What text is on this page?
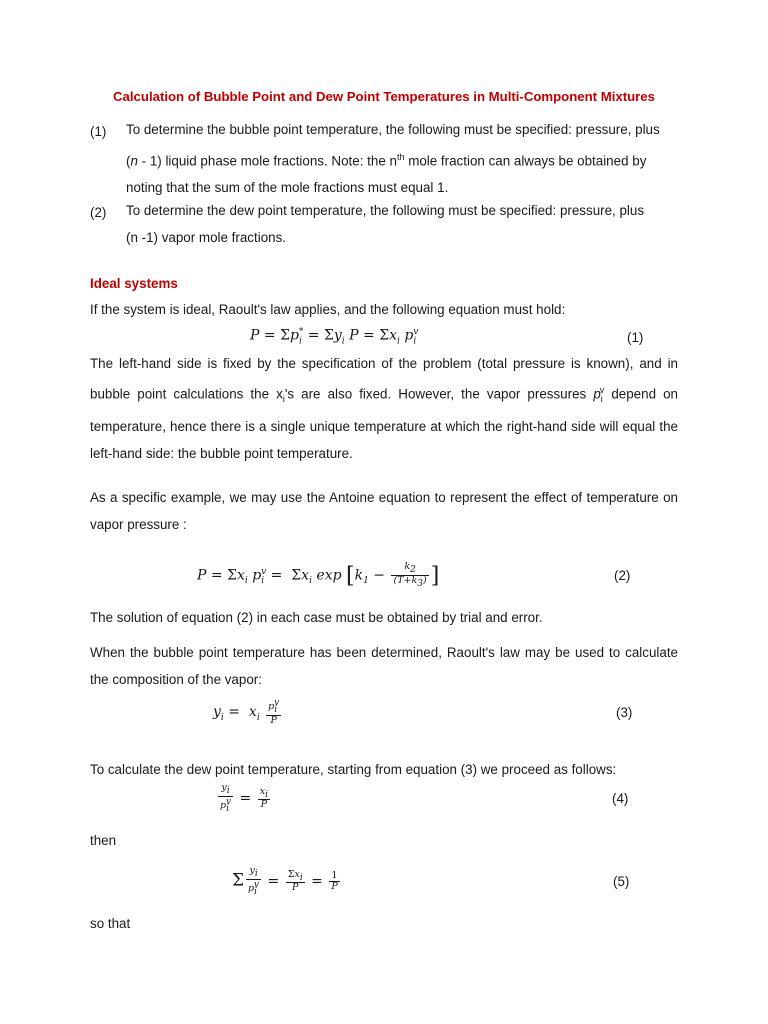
Calculation of Bubble Point and Dew Point Temperatures in Multi-Component Mixtures
(1) To determine the bubble point temperature, the following must be specified: pressure, plus
(n - 1) liquid phase mole fractions. Note: the $n^{th}$ mole fraction can always be obtained by
noting that the sum of the mole fractions must equal 1.
(2) To determine the dew point temperature, the following must be specified: pressure, plus
(n -1) vapor mole fractions.
Ideal systems
If the system is ideal, Raoult's law applies, and the following equation must hold:
$P = \Sigma p_i^* = \Sigma y_i$ $P = \Sigma x_i$ $p_i^v$	(1)
The left-hand side is fixed by the specification of the problem (total pressure is known), and in bubble point calculations the $x_i's$ are also fixed. However, the vapor pressures $p_i^v$ depend on temperature, hence there is a single unique temperature at which the right-hand side will equal the left-hand side: the bubble point temperature.
As a specific example, we may use the Antoine equation to represent the effect of temperature on vapor pressure :
$P = \Sigma x_i$ $p_i^v = \Sigma x_i$ $\exp [k_1 - \frac{k_2}{(T+k_3)}$ ]	(2)
The solution of equation (2) in each case must be obtained by trial and error.
When the bubble point temperature has been determined, Raoult's law may be used to calculate the composition of the vapor:
$y_i = x_i \frac{p_i^v}{P}$	(3)
To calculate the dew point temperature, starting from equation (3) we proceed as follows:
$\frac{y_i}{p_i^v} = \frac{x_i}{P}$	(4)
then
Σ $\frac{y_i}{p_i^v} = \frac{\Sigma x_i}{P} = \frac{1}{P}$	(5)
so that
